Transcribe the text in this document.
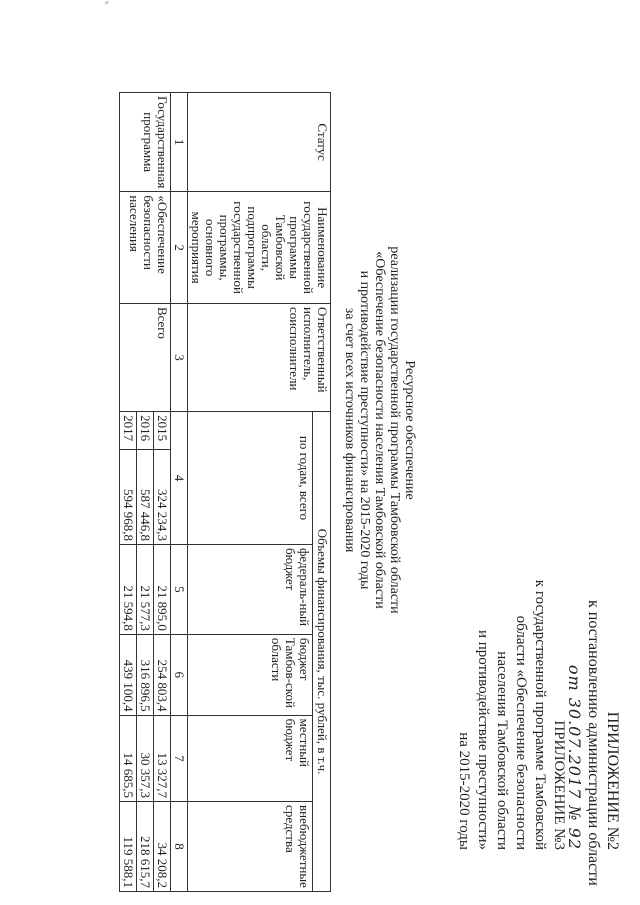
ПРИЛОЖЕНИЕ №2
к постановлению администрации области
от 30.07.2017 № 92
ПРИЛОЖЕНИЕ №3
к государственной программе Тамбовской
области «Обеспечение безопасности
населения Тамбовской области
и противодействие преступности»
на 2015-2020 годы
Ресурсное обеспечение
реализации государственной программы Тамбовской области
«Обеспечение безопасности населения Тамбовской области
и противодействие преступности» на 2015-2020 годы
за счет всех источников финансирования
Статус	Наименование государственной программы Тамбовской области, подпрограммы государственной программы, основного мероприятия	Ответственный исполнитель, соисполнители	Объемы финансирования, тыс. рублей, в т.ч.					
			по годам, всего		федераль-ный бюджет	бюджет Тамбов-ской области	местный бюджет	внебюджетные средства
1	2	3	4		5	6	7	8
Государственная программа	«Обеспечение безопасности населения	Всего	2015	324 234,3	21 895,0	254 803,4	13 327,7	34 208,2
			2016	587 446,8	21 577,3	316 896,5	30 357,3	218 615,7
			2017	594 968,8	21 594,8	439 100,4	14 685,5	119 588,1
ь
